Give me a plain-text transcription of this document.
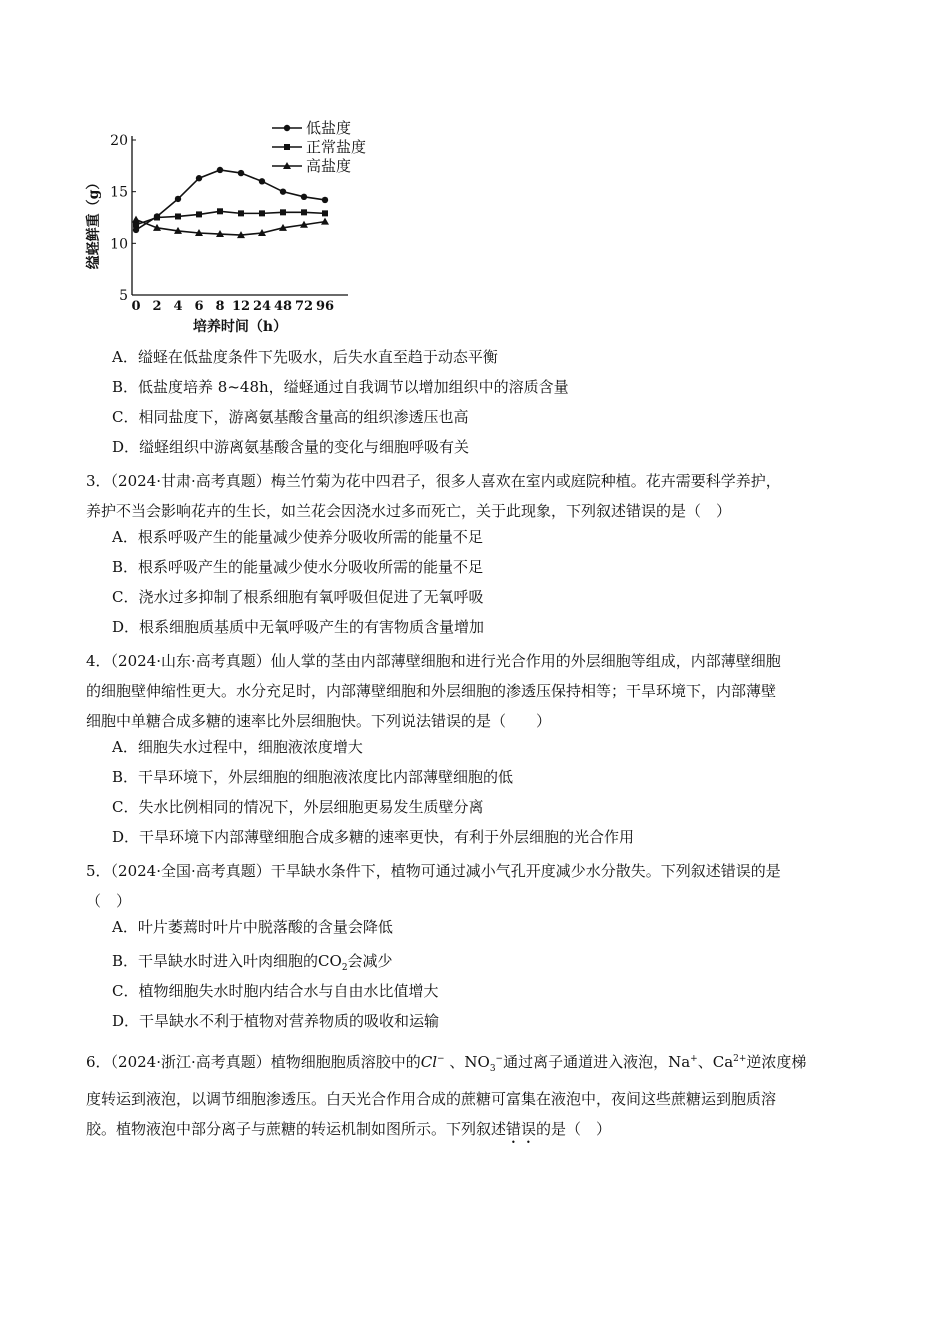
5
10
15
20
0 2 4 6 8 12 24 48 72 96
培养时间（h）
缢蛏鲜重（g）
低盐度
正常盐度
高盐度
A．缢蛏在低盐度条件下先吸水，后失水直至趋于动态平衡
B．低盐度培养 8~48h，缢蛏通过自我调节以增加组织中的溶质含量
C．相同盐度下，游离氨基酸含量高的组织渗透压也高
D．缢蛏组织中游离氨基酸含量的变化与细胞呼吸有关

3．（2024·甘肃·高考真题）梅兰竹菊为花中四君子，很多人喜欢在室内或庭院种植。花卉需要科学养护，

养护不当会影响花卉的生长，如兰花会因浇水过多而死亡，关于此现象，下列叙述错误的是（　）

A．根系呼吸产生的能量减少使养分吸收所需的能量不足
B．根系呼吸产生的能量减少使水分吸收所需的能量不足
C．浇水过多抑制了根系细胞有氧呼吸但促进了无氧呼吸
D．根系细胞质基质中无氧呼吸产生的有害物质含量增加

4．（2024·山东·高考真题）仙人掌的茎由内部薄壁细胞和进行光合作用的外层细胞等组成，内部薄壁细胞

的细胞壁伸缩性更大。水分充足时，内部薄壁细胞和外层细胞的渗透压保持相等；干旱环境下，内部薄壁

细胞中单糖合成多糖的速率比外层细胞快。下列说法错误的是（　　）

A．细胞失水过程中，细胞液浓度增大
B．干旱环境下，外层细胞的细胞液浓度比内部薄壁细胞的低
C．失水比例相同的情况下，外层细胞更易发生质壁分离
D．干旱环境下内部薄壁细胞合成多糖的速率更快，有利于外层细胞的光合作用

5．（2024·全国·高考真题）干旱缺水条件下，植物可通过减小气孔开度减少水分散失。下列叙述错误的是

（　）

A．叶片萎蔫时叶片中脱落酸的含量会降低
B．干旱缺水时进入叶肉细胞的$CO_2$会减少
C．植物细胞失水时胞内结合水与自由水比值增大
D．干旱缺水不利于植物对营养物质的吸收和运输

6．（2024·浙江·高考真题）植物细胞胞质溶胶中的Cl− 、$NO_3^-$通过离子通道进入液泡，Na+、$Ca^{2+}$逆浓度梯

度转运到液泡，以调节细胞渗透压。白天光合作用合成的蔗糖可富集在液泡中，夜间这些蔗糖运到胞质溶

胶。植物液泡中部分离子与蔗糖的转运机制如图所示。下列叙述错误的是（　）
